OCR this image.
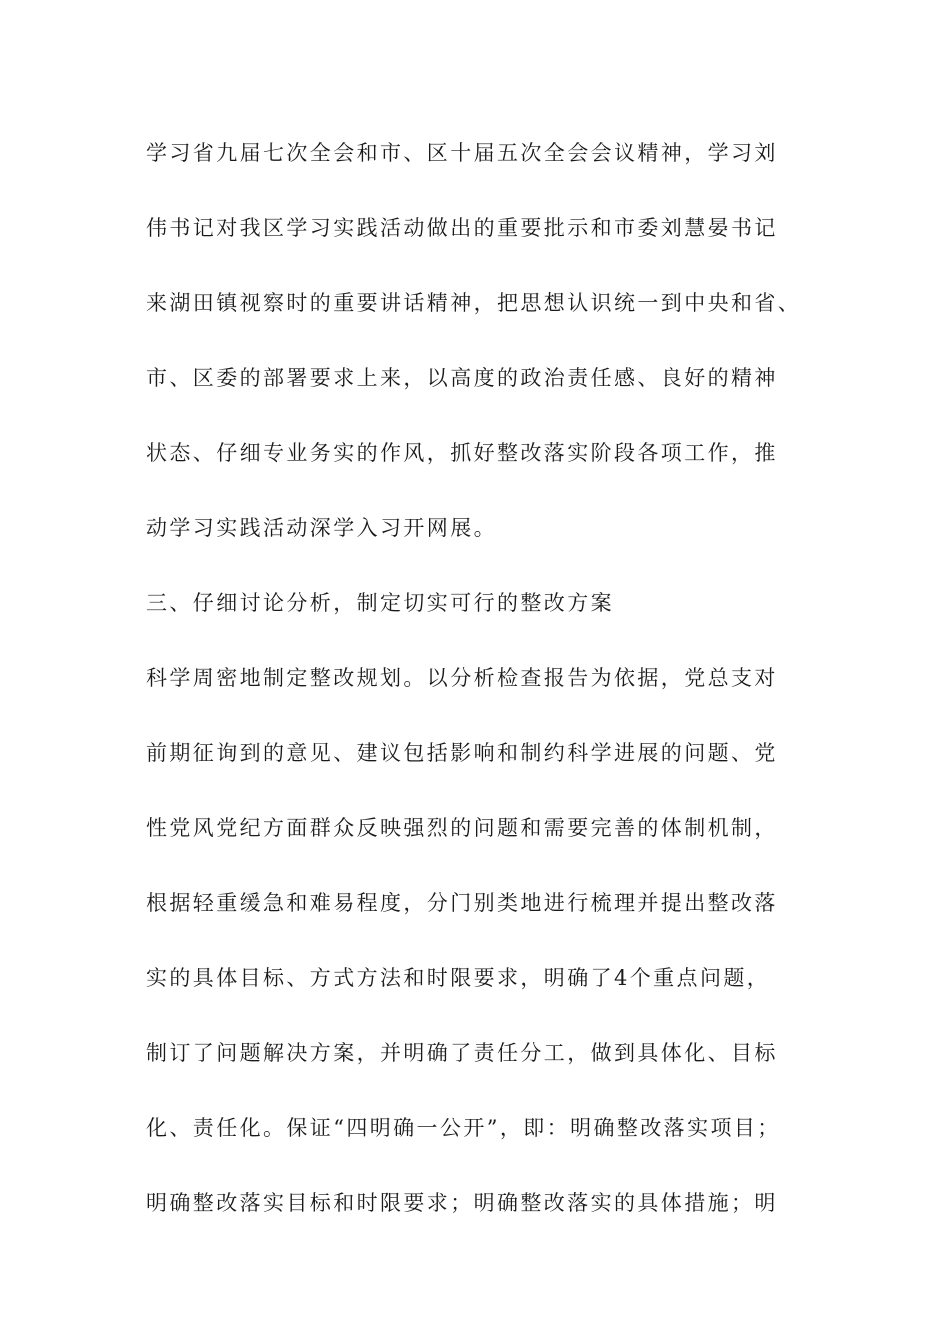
学习省九届七次全会和市、区十届五次全会会议精神，学习刘
伟书记对我区学习实践活动做出的重要批示和市委刘慧晏书记
来湖田镇视察时的重要讲话精神，把思想认识统一到中央和省、
市、区委的部署要求上来，以高度的政治责任感、良好的精神
状态、仔细专业务实的作风，抓好整改落实阶段各项工作，推
动学习实践活动深学入习开网展。
三、仔细讨论分析，制定切实可行的整改方案
科学周密地制定整改规划。以分析检查报告为依据，党总支对
前期征询到的意见、建议包括影响和制约科学进展的问题、党
性党风党纪方面群众反映强烈的问题和需要完善的体制机制，
根据轻重缓急和难易程度，分门别类地进行梳理并提出整改落
实的具体目标、方式方法和时限要求，明确了4个重点问题，
制订了问题解决方案，并明确了责任分工，做到具体化、目标
化、责任化。保证“四明确一公开”，即：明确整改落实项目；
明确整改落实目标和时限要求；明确整改落实的具体措施；明
